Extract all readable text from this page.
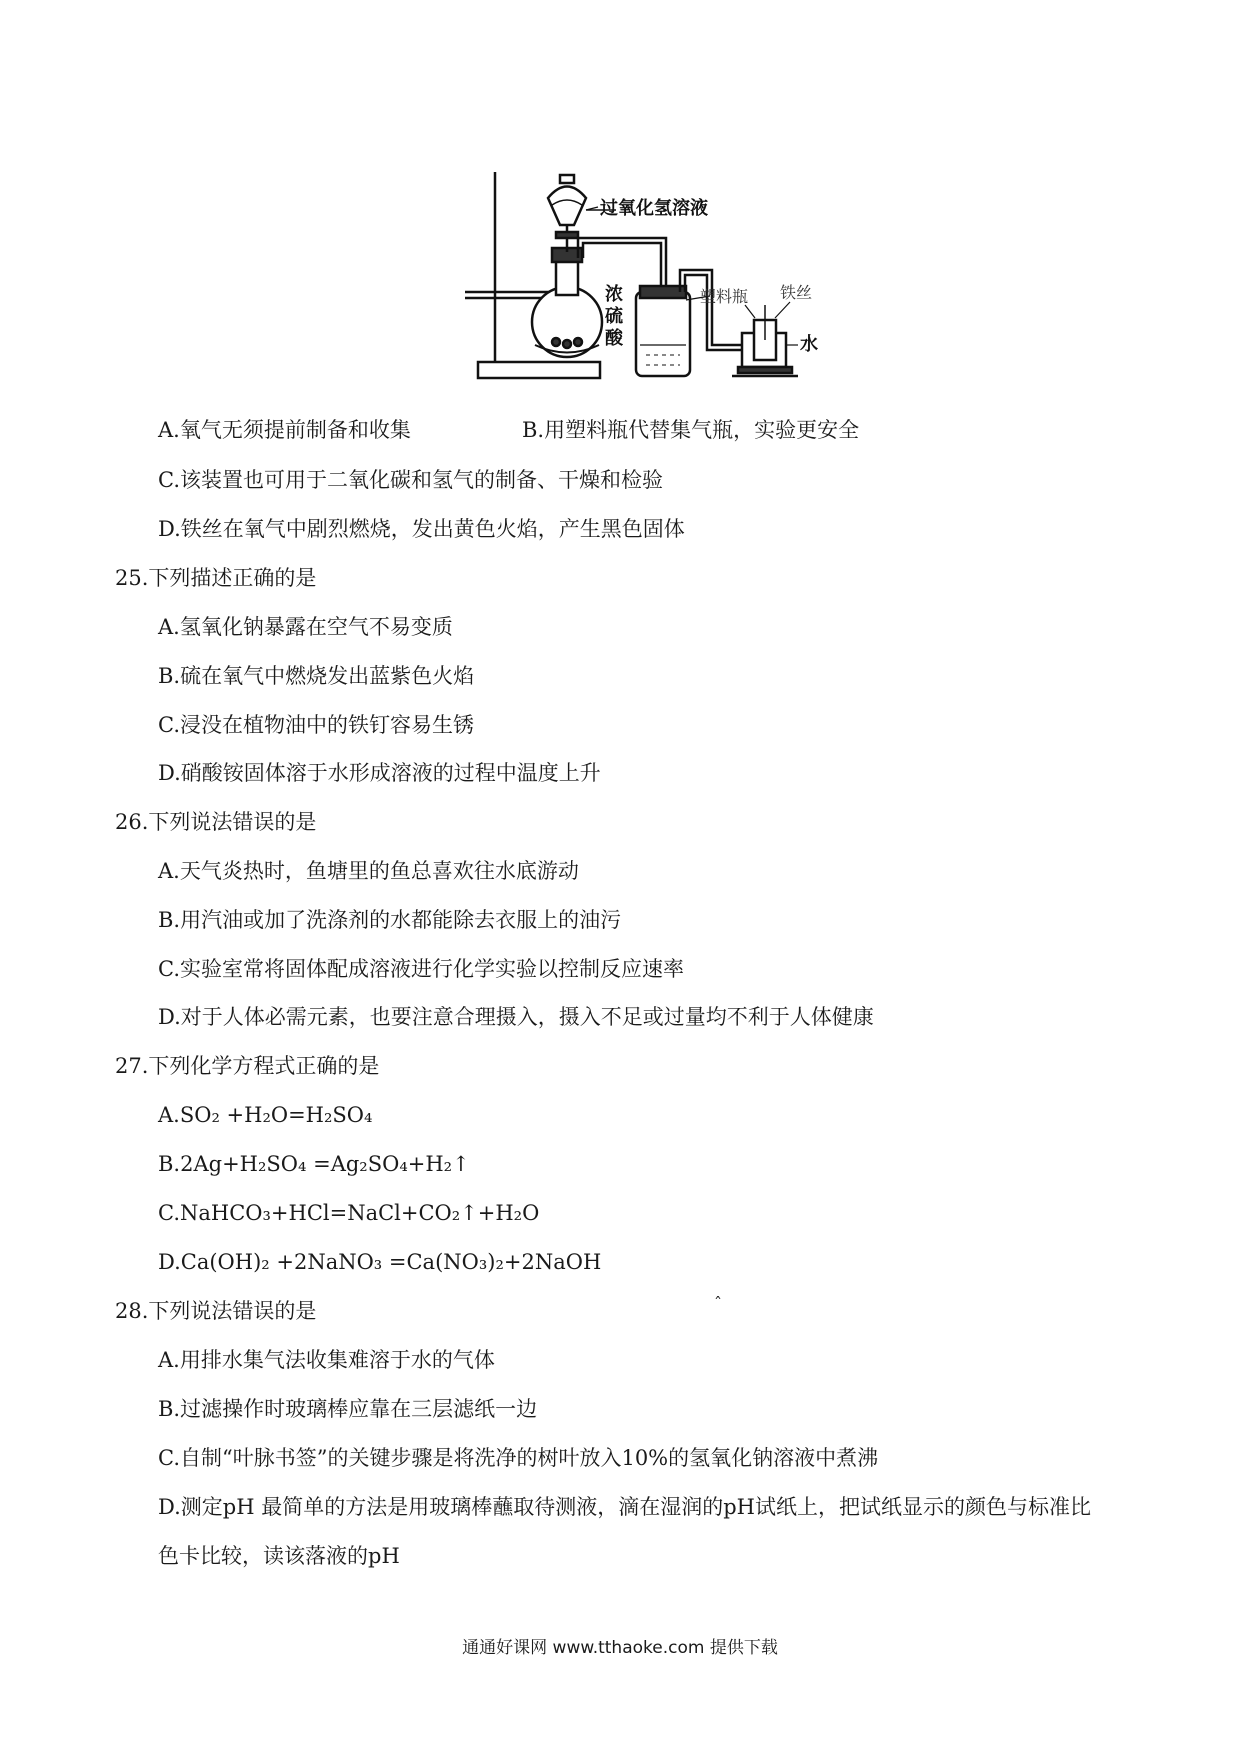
过氧化氢溶液
浓
硫
酸
塑料瓶 铁丝
水
A.氧气无须提前制备和收集	B.用塑料瓶代替集气瓶，实验更安全
C.该装置也可用于二氧化碳和氢气的制备、干燥和检验
D.铁丝在氧气中剧烈燃烧，发出黄色火焰，产生黑色固体
25.下列描述正确的是
A.氢氧化钠暴露在空气不易变质
B.硫在氧气中燃烧发出蓝紫色火焰
C.浸没在植物油中的铁钉容易生锈
D.硝酸铵固体溶于水形成溶液的过程中温度上升
26.下列说法错误的是
A.天气炎热时，鱼塘里的鱼总喜欢往水底游动
B.用汽油或加了洗涤剂的水都能除去衣服上的油污
C.实验室常将固体配成溶液进行化学实验以控制反应速率
D.对于人体必需元素，也要注意合理摄入，摄入不足或过量均不利于人体健康
27.下列化学方程式正确的是
A.SO₂ +H₂O=H₂SO₄
B.2Ag+H₂SO₄ =Ag₂SO₄+H₂↑
C.NaHCO₃+HCl=NaCl+CO₂↑+H₂O
D.Ca(OH)₂ +2NaNO₃ =Ca(NO₃)₂+2NaOH
28.下列说法错误的是	ˆ
A.用排水集气法收集难溶于水的气体
B.过滤操作时玻璃棒应靠在三层滤纸一边
C.自制“叶脉书签”的关键步骤是将洗净的树叶放入10%的氢氧化钠溶液中煮沸
D.测定pH 最简单的方法是用玻璃棒蘸取待测液，滴在湿润的pH试纸上，把试纸显示的颜色与标准比
色卡比较，读该落液的pH
通通好课网 www.tthaoke.com 提供下载
